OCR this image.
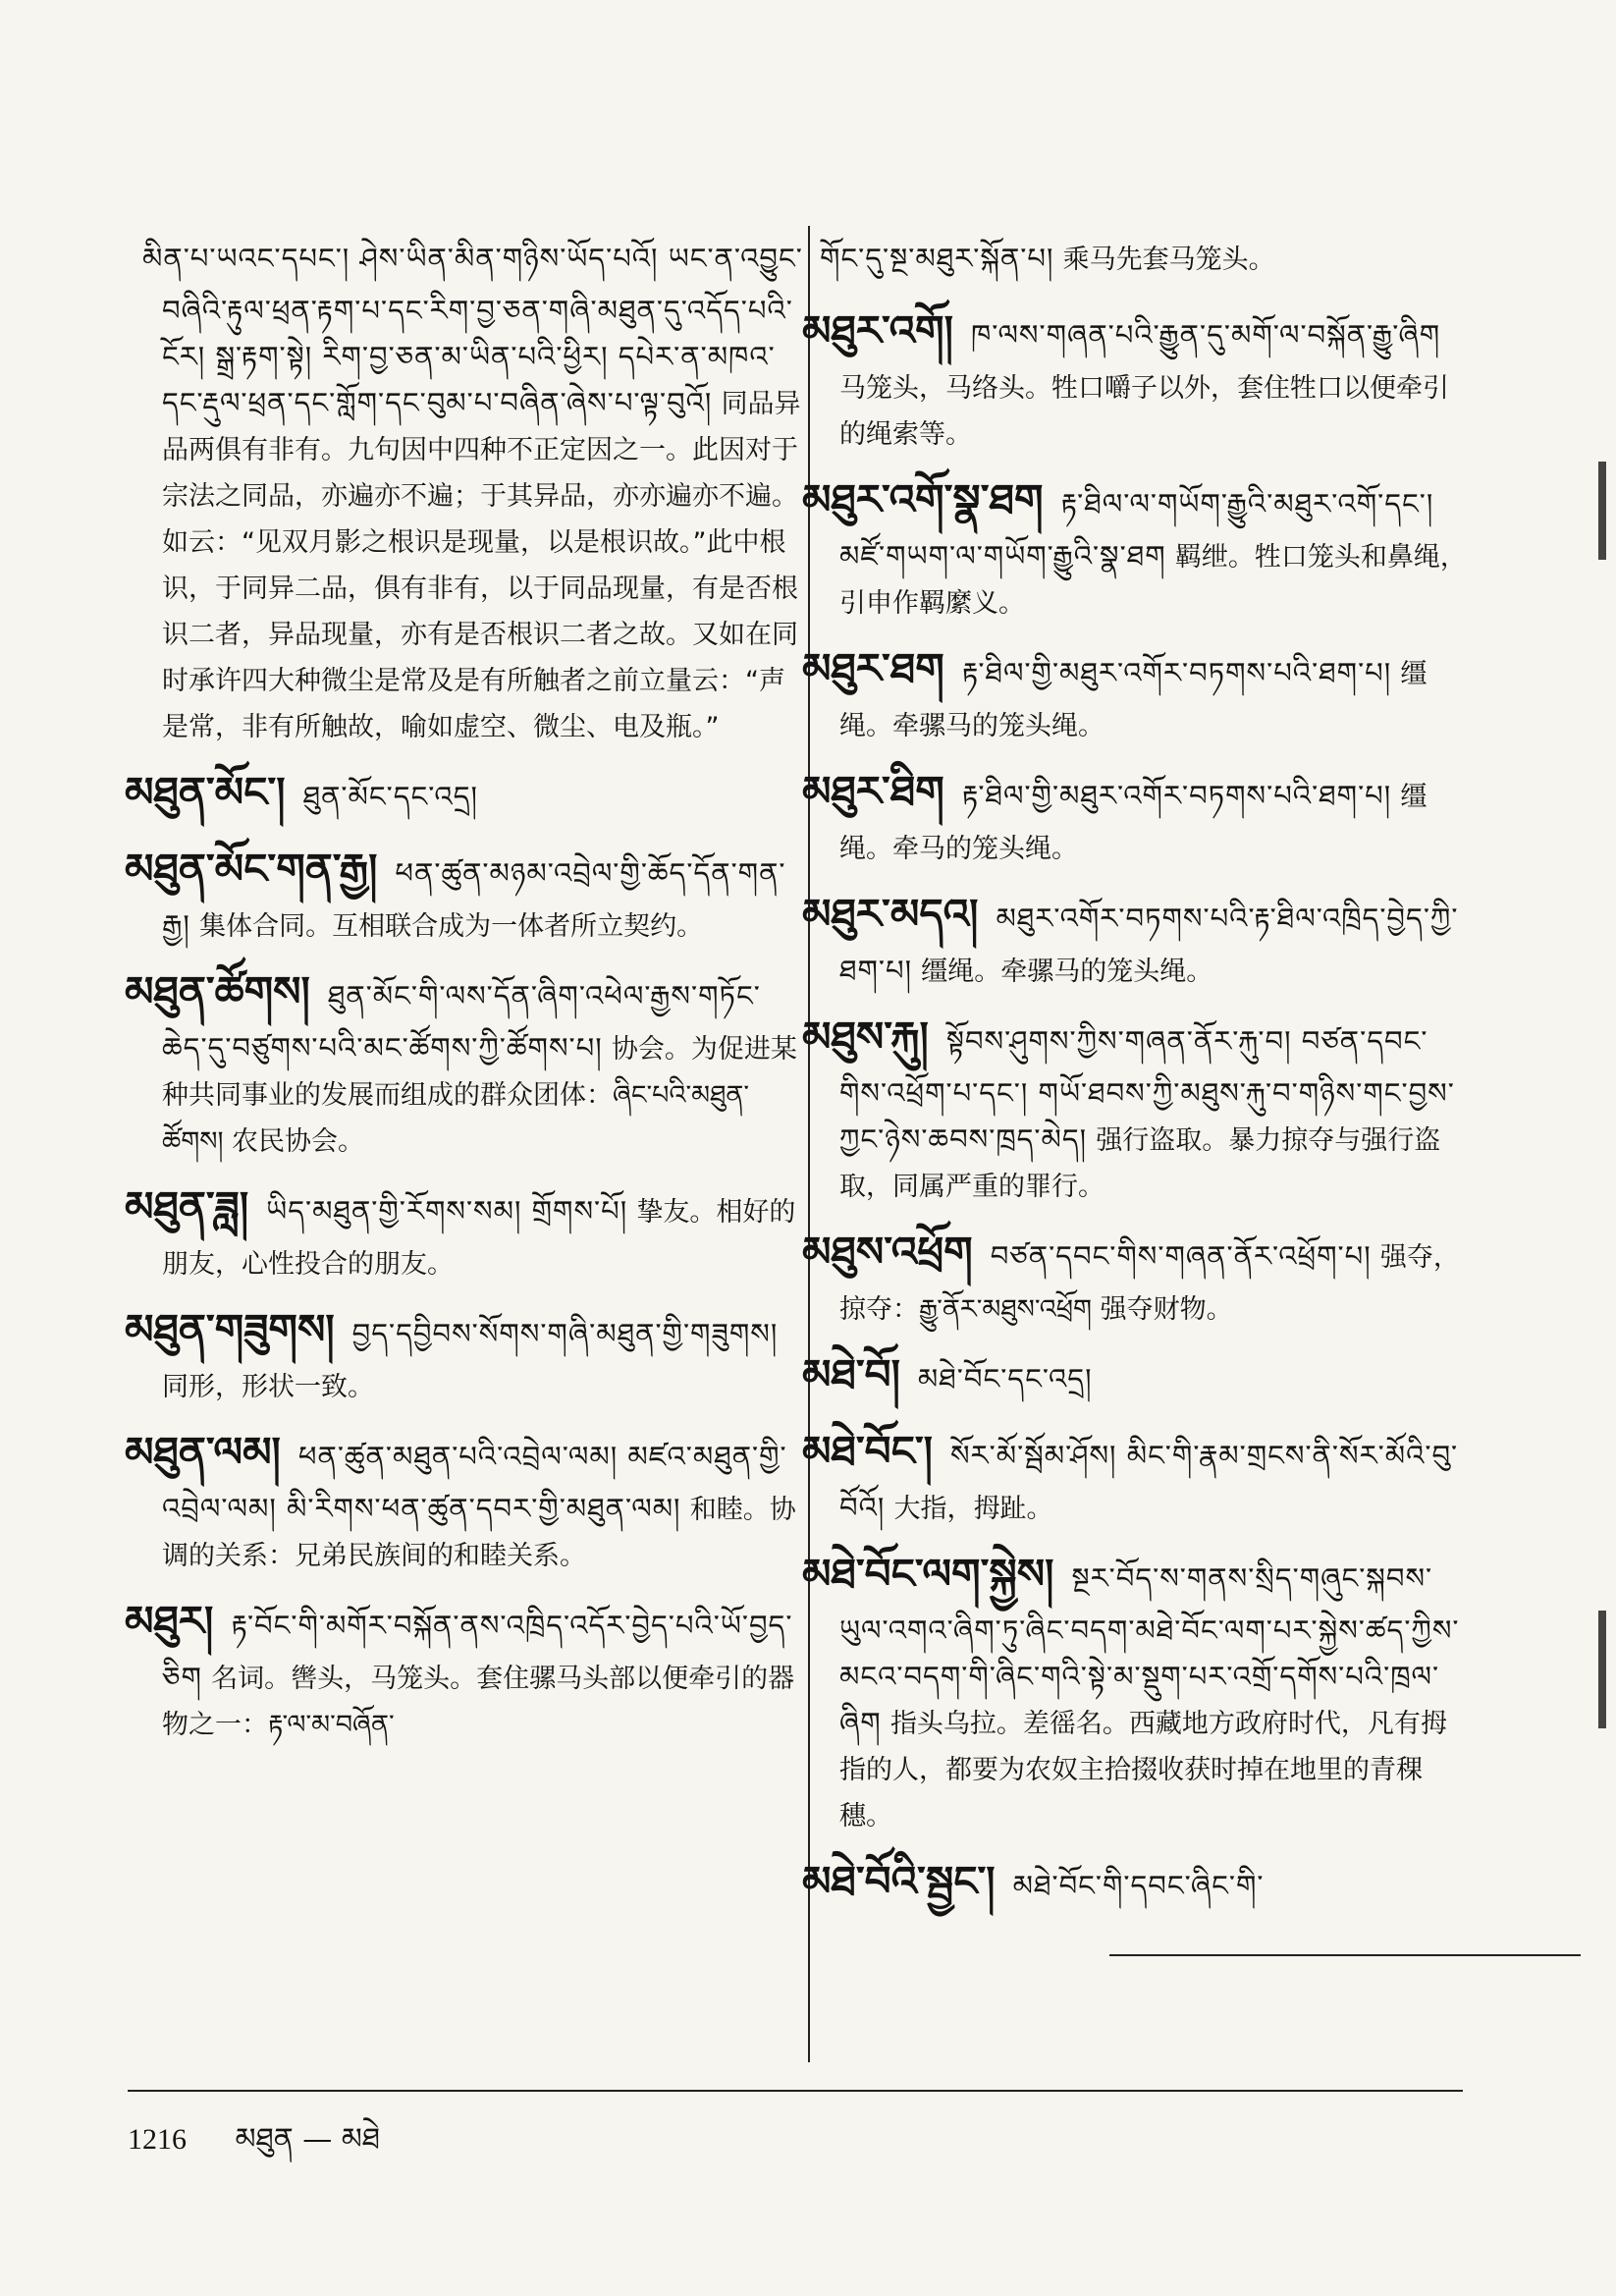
མིན་པ་ཡའང་དཔང་། ཤེས་ཡིན་མིན་གཉིས་ཡོད་པའོ། ཡང་ན་འབྱུང་བཞིའི་རྟུལ་ཕྲན་རྟག་པ་དང་རིག་བྱ་ཅན་གཞི་མཐུན་དུ་འདོད་པའི་ངོར། སྒྲ་རྟག་སྟེ། རིག་བྱ་ཅན་མ་ཡིན་པའི་ཕྱིར། དཔེར་ན་མཁའ་དང་རྡུལ་ཕྲན་དང་གློག་དང་བུམ་པ་བཞིན་ཞེས་པ་ལྟ་བུའོ། 同品异品两俱有非有。九句因中四种不正定因之一。此因对于宗法之同品，亦遍亦不遍；于其异品，亦亦遍亦不遍。如云：“见双月影之根识是现量，以是根识故。”此中根识，于同异二品，俱有非有，以于同品现量，有是否根识二者，异品现量，亦有是否根识二者之故。又如在同时承许四大种微尘是常及是有所触者之前立量云：“声是常，非有所触故，喻如虚空、微尘、电及瓶。”
མཐུན་མོང་། ཐུན་མོང་དང་འདྲ།
མཐུན་མོང་གན་རྒྱ། ཕན་ཚུན་མཉམ་འབྲེལ་གྱི་ཆོད་དོན་གན་རྒྱ། 集体合同。互相联合成为一体者所立契约。
མཐུན་ཚོགས། ཐུན་མོང་གི་ལས་དོན་ཞིག་འཕེལ་རྒྱས་གཏོང་ཆེད་དུ་བཙུགས་པའི་མང་ཚོགས་ཀྱི་ཚོགས་པ། 协会。为促进某种共同事业的发展而组成的群众团体：ཞིང་པའི་མཐུན་ཚོགས། 农民协会。
མཐུན་ཟླ། ཡིད་མཐུན་གྱི་རོགས་སམ། གྲོགས་པོ། 挚友。相好的朋友，心性投合的朋友。
མཐུན་གཟུགས། བྱད་དབྱིབས་སོགས་གཞི་མཐུན་གྱི་གཟུགས། 同形，形状一致。
མཐུན་ལམ། ཕན་ཚུན་མཐུན་པའི་འབྲེལ་ལམ། མཛའ་མཐུན་གྱི་འབྲེལ་ལམ། མི་རིགས་ཕན་ཚུན་དབར་གྱི་མཐུན་ལམ། 和睦。协调的关系：兄弟民族间的和睦关系。
མཐུར། རྟ་བོང་གི་མགོར་བསྐོན་ནས་འཁྲིད་འདོར་བྱེད་པའི་ཡོ་བྱད་ཅིག 名词。辔头，马笼头。套住骡马头部以便牵引的器物之一：རྟ་ལ་མ་བཞོན་
གོང་དུ་སྔ་མཐུར་སྐོན་པ། 乘马先套马笼头。
མཐུར་འགོ། ཁ་ལས་གཞན་པའི་རྒྱུན་དུ་མགོ་ལ་བསྐོན་རྒྱུ་ཞིག 马笼头，马络头。牲口嚼子以外，套住牲口以便牵引的绳索等。
མཐུར་འགོ་སྣ་ཐག རྟ་ཐིལ་ལ་གཡོག་རྒྱུའི་མཐུར་འགོ་དང་། མཛོ་གཡག་ལ་གཡོག་རྒྱུའི་སྣ་ཐག 羁绁。牲口笼头和鼻绳，引申作羁縻义。
མཐུར་ཐག རྟ་ཐིལ་གྱི་མཐུར་འགོར་བཏགས་པའི་ཐག་པ། 缰绳。牵骡马的笼头绳。
མཐུར་ཐིག རྟ་ཐིལ་གྱི་མཐུར་འགོར་བཏགས་པའི་ཐག་པ། 缰绳。牵马的笼头绳。
མཐུར་མདའ། མཐུར་འགོར་བཏགས་པའི་རྟ་ཐིལ་འཁྲིད་བྱེད་ཀྱི་ཐག་པ། 缰绳。牵骡马的笼头绳。
མཐུས་རྐུ། སྟོབས་ཤུགས་ཀྱིས་གཞན་ནོར་རྐུ་བ། བཙན་དབང་གིས་འཕྲོག་པ་དང་། གཡོ་ཐབས་ཀྱི་མཐུས་རྐུ་བ་གཉིས་གང་བྱས་ཀྱང་ཉེས་ཆབས་ཁྲད་མེད། 强行盗取。暴力掠夺与强行盗取，同属严重的罪行。
མཐུས་འཕྲོག བཙན་དབང་གིས་གཞན་ནོར་འཕྲོག་པ། 强夺，掠夺：རྒྱུ་ནོར་མཐུས་འཕྲོག 强夺财物。
མཐེ་བོ། མཐེ་བོང་དང་འདྲ།
མཐེ་བོང་། སོར་མོ་སྦོམ་ཤོས། མིང་གི་རྣམ་གྲངས་ནི་སོར་མོའི་བུ་བོའོ། 大指，拇趾。
མཐེ་བོང་ལག་སྐྱེས། སྔར་བོད་ས་གནས་སྲིད་གཞུང་སྐབས་ཡུལ་འགའ་ཞིག་ཏུ་ཞིང་བདག་མཐེ་བོང་ལག་པར་སྐྱེས་ཚད་ཀྱིས་མངའ་བདག་གི་ཞིང་གའི་སྟེ་མ་སྡུག་པར་འགྲོ་དགོས་པའི་ཁྲལ་ཞིག 指头乌拉。差徭名。西藏地方政府时代，凡有拇指的人，都要为农奴主拾掇收获时掉在地里的青稞穗。
མཐེ་བོའི་སྦྱང་། མཐེ་བོང་གི་དབང་ཞིང་གི་
1216 མཐུན — མཐེ
